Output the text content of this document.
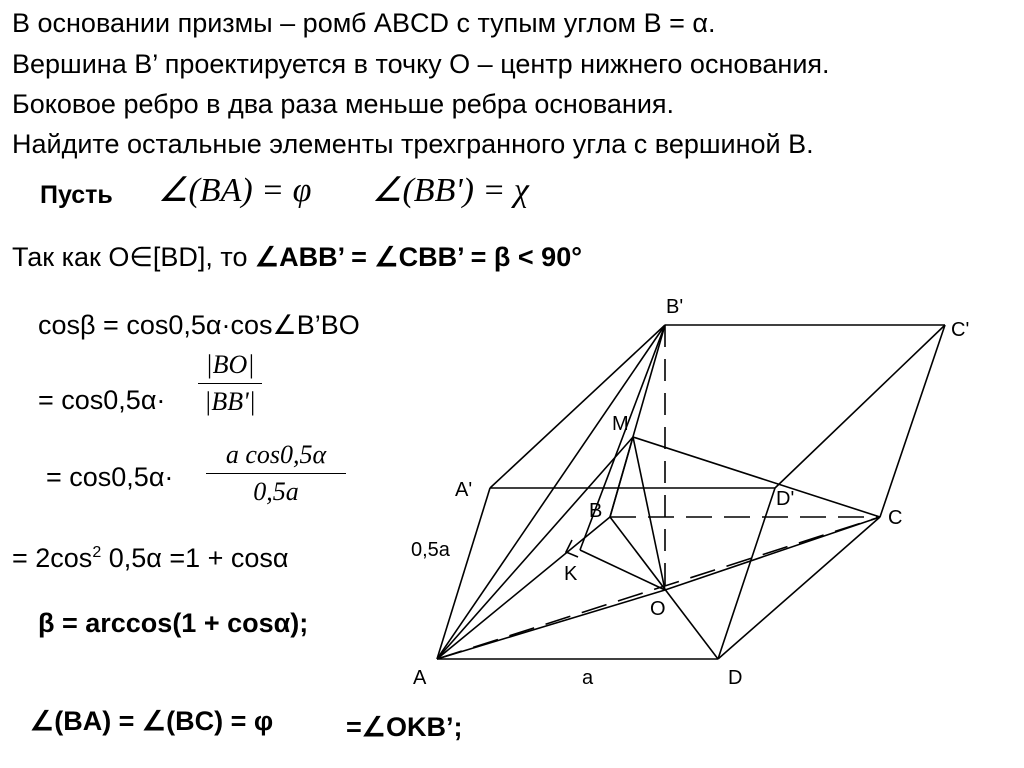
В основании призмы – ромб ABCD с тупым углом B = α.
Вершина B’ проектируется в точку O – центр нижнего основания.
Боковое ребро в два раза меньше ребра основания.
Найдите остальные элементы трехгранного угла с вершиной B.
Пусть ∠(BA) = φ ∠(BB') = χ
Так как O∈[BD], то ∠ABB’ = ∠CBB’ = β < 90°
cosβ = cos0,5α·cos∠B’BO
= cos0,5α·
|BO|
|BB'|
= cos0,5α·
a cos0,5α
0,5a
= $2\cos^2$ 0,5α =1 + cosα
β = arccos(1 + cosα);
∠(BA) = ∠(BC) = φ	=∠OKB’;
B'
C'
A'	D'
M
B	C
O
K
A	D
0,5a
a
